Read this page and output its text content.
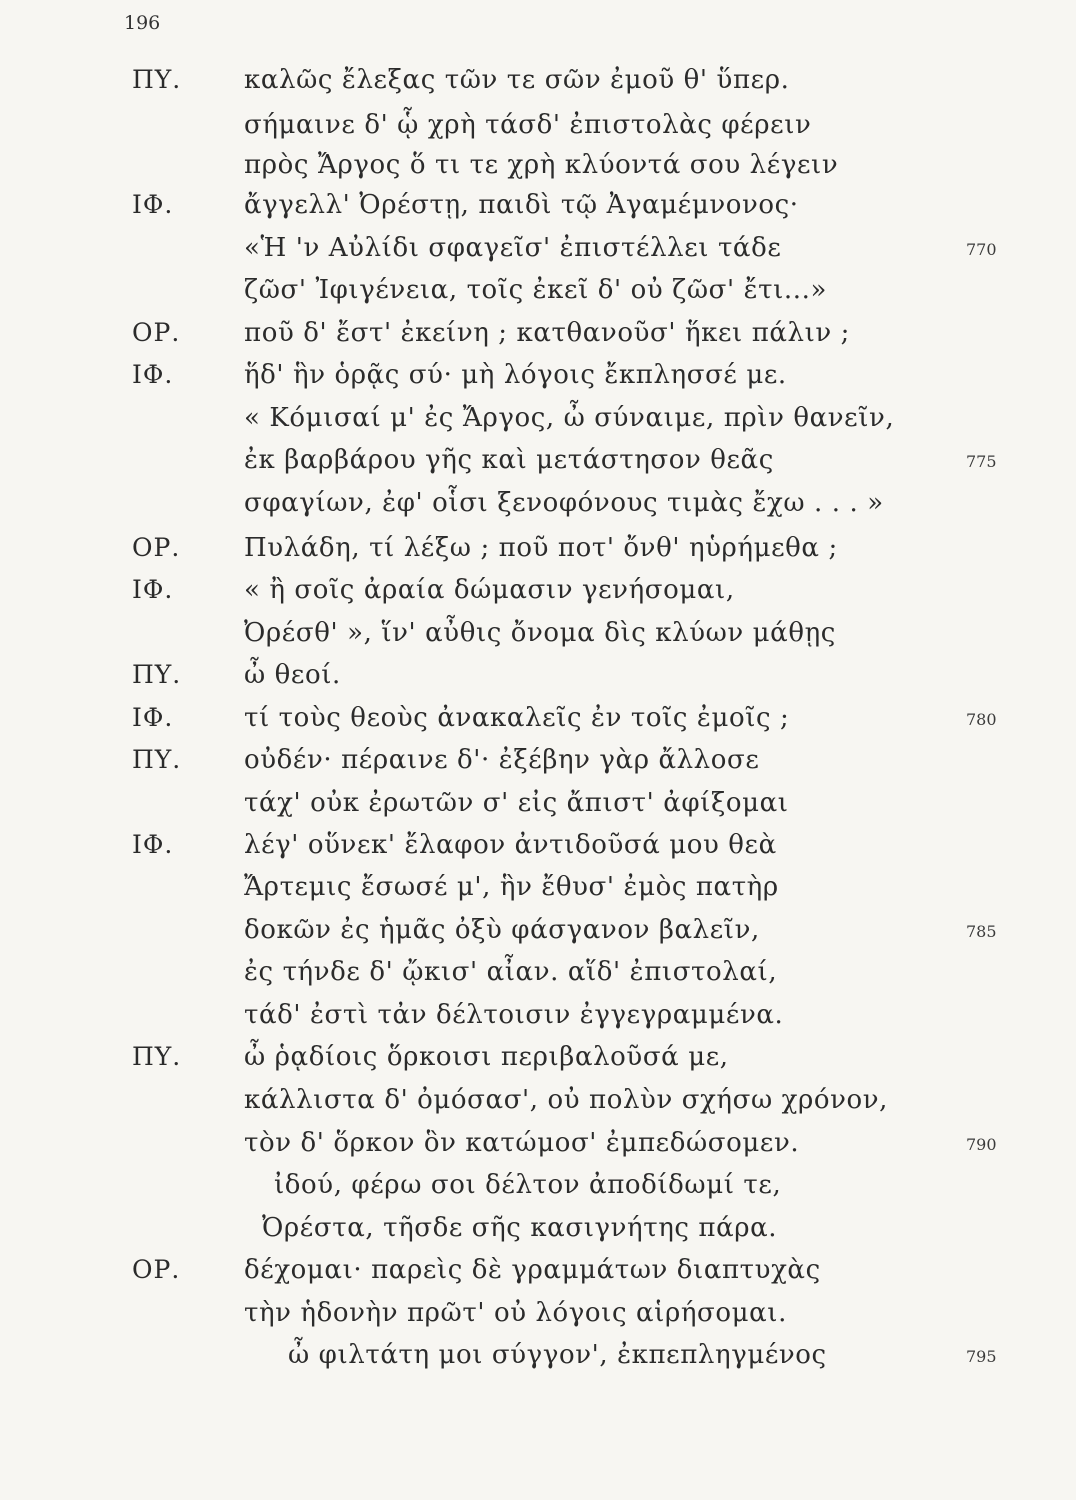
196
ΠΥ. καλῶς ἔλεξας τῶν τε σῶν ἐμοῦ θ' ὕπερ.
σήμαινε δ' ᾧ χρὴ τάσδ' ἐπιστολὰς φέρειν
πρὸς Ἄργος ὅ τι τε χρὴ κλύοντά σου λέγειν
ΙΦ.	ἄγγελλ' Ὀρέστῃ, παιδὶ τῷ Ἀγαμέμνονος·
«Ἡ 'ν Αὐλίδι σφαγεῖσ' ἐπιστέλλει τάδε	770
ζῶσ' Ἰφιγένεια, τοῖς ἐκεῖ δ' οὐ ζῶσ' ἔτι...»
ΟΡ. ποῦ δ' ἔστ' ἐκείνη ; κατθανοῦσ' ἥκει πάλιν ;
ΙΦ.	ἥδ' ἣν ὁρᾷς σύ· μὴ λόγοις ἔκπλησσέ με.
« Κόμισαί μ' ἐς Ἄργος, ὦ σύναιμε, πρὶν θανεῖν,
ἐκ βαρβάρου γῆς καὶ μετάστησον θεᾶς	775
σφαγίων, ἐφ' οἷσι ξενοφόνους τιμὰς ἔχω . . . »
ΟΡ. Πυλάδη, τί λέξω ; ποῦ ποτ' ὄνθ' ηὑρήμεθα ;
ΙΦ.	« ἢ σοῖς ἀραία δώμασιν γενήσομαι,
Ὀρέσθ' », ἵν' αὖθις ὄνομα δὶς κλύων μάθῃς
ΠΥ. ὦ θεοί.
ΙΦ.	τί τοὺς θεοὺς ἀνακαλεῖς ἐν τοῖς ἐμοῖς ;	780
ΠΥ. οὐδέν· πέραινε δ'· ἐξέβην γὰρ ἄλλοσε
τάχ' οὐκ ἐρωτῶν σ' εἰς ἄπιστ' ἀφίξομαι
ΙΦ.	λέγ' οὕνεκ' ἔλαφον ἀντιδοῦσά μου θεὰ
Ἄρτεμις ἔσωσέ μ', ἣν ἔθυσ' ἐμὸς πατὴρ
δοκῶν ἐς ἡμᾶς ὀξὺ φάσγανον βαλεῖν,	785
ἐς τήνδε δ' ᾤκισ' αἶαν. αἵδ' ἐπιστολαί,
τάδ' ἐστὶ τἀν δέλτοισιν ἐγγεγραμμένα.
ΠΥ. ὦ ῥᾳδίοις ὅρκοισι περιβαλοῦσά με,
κάλλιστα δ' ὀμόσασ', οὐ πολὺν σχήσω χρόνον,
τὸν δ' ὅρκον ὃν κατώμοσ' ἐμπεδώσομεν.	790
ἰδού, φέρω σοι δέλτον ἀποδίδωμί τε,
Ὀρέστα, τῆσδε σῆς κασιγνήτης πάρα.
ΟΡ. δέχομαι· παρεὶς δὲ γραμμάτων διαπτυχὰς
τὴν ἡδονὴν πρῶτ' οὐ λόγοις αἱρήσομαι.
ὦ φιλτάτη μοι σύγγον', ἐκπεπληγμένος	795
